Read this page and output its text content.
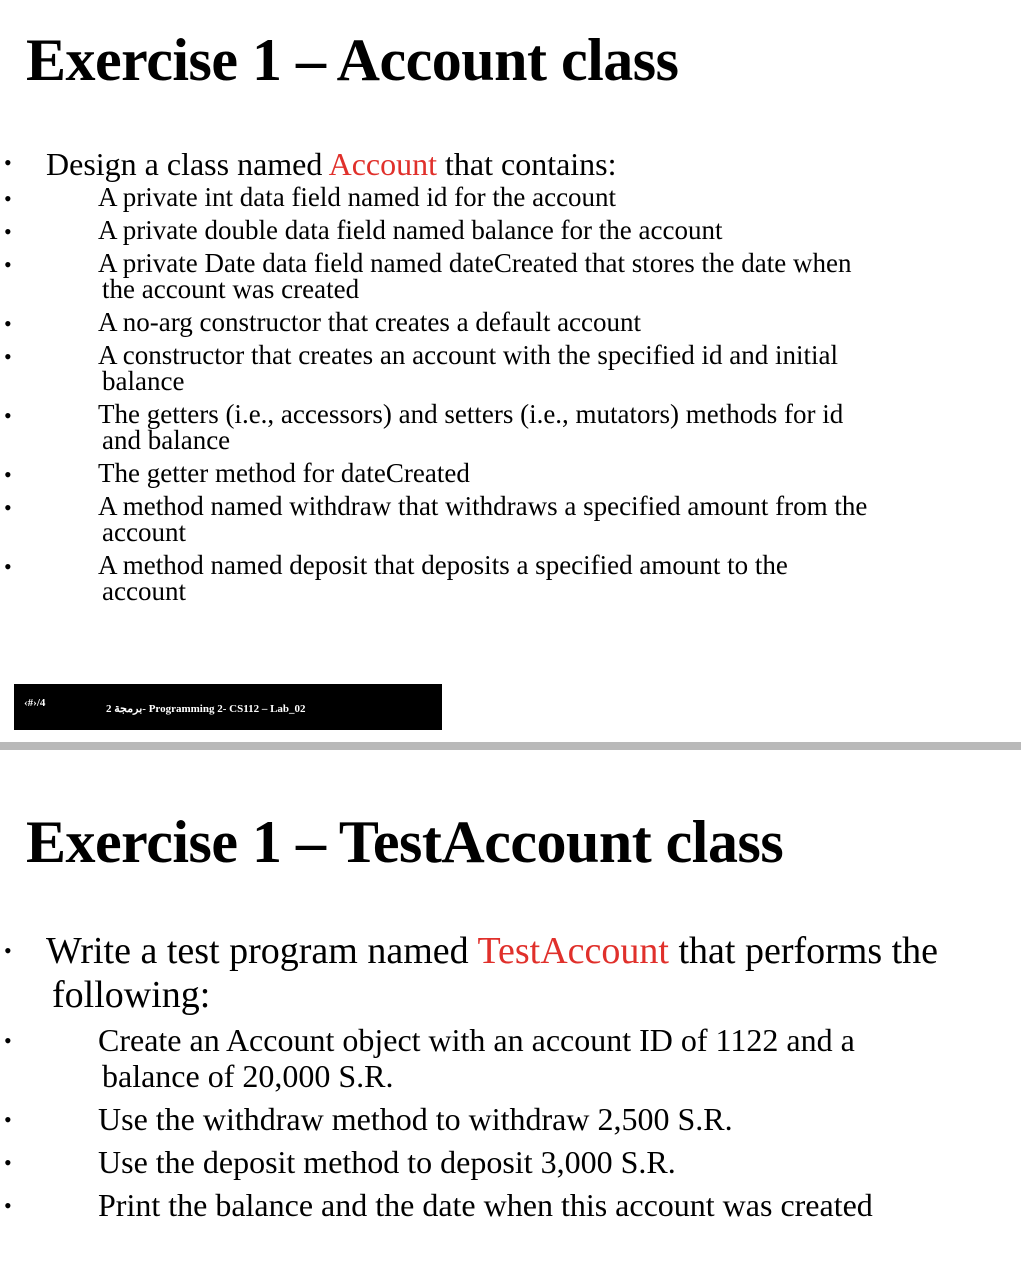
Exercise 1 – Account class
• Design a class named Account that contains:
•	A private int data field named id for the account
•	A private double data field named balance for the account
•	A private Date data field named dateCreated that stores the date when
the account was created
•	A no-arg constructor that creates a default account
•	A constructor that creates an account with the specified id and initial
balance
•	The getters (i.e., accessors) and setters (i.e., mutators) methods for id
and balance
•	The getter method for dateCreated
•	A method named withdraw that withdraws a specified amount from the
account
•	A method named deposit that deposits a specified amount to the
account
‹#›/4	2 برمجة- Programming 2- CS112 – Lab_02
Exercise 1 – TestAccount class
• Write a test program named TestAccount that performs the
following:
•	Create an Account object with an account ID of 1122 and a
balance of 20,000 S.R.
•	Use the withdraw method to withdraw 2,500 S.R.
•	Use the deposit method to deposit 3,000 S.R.
•	Print the balance and the date when this account was created
